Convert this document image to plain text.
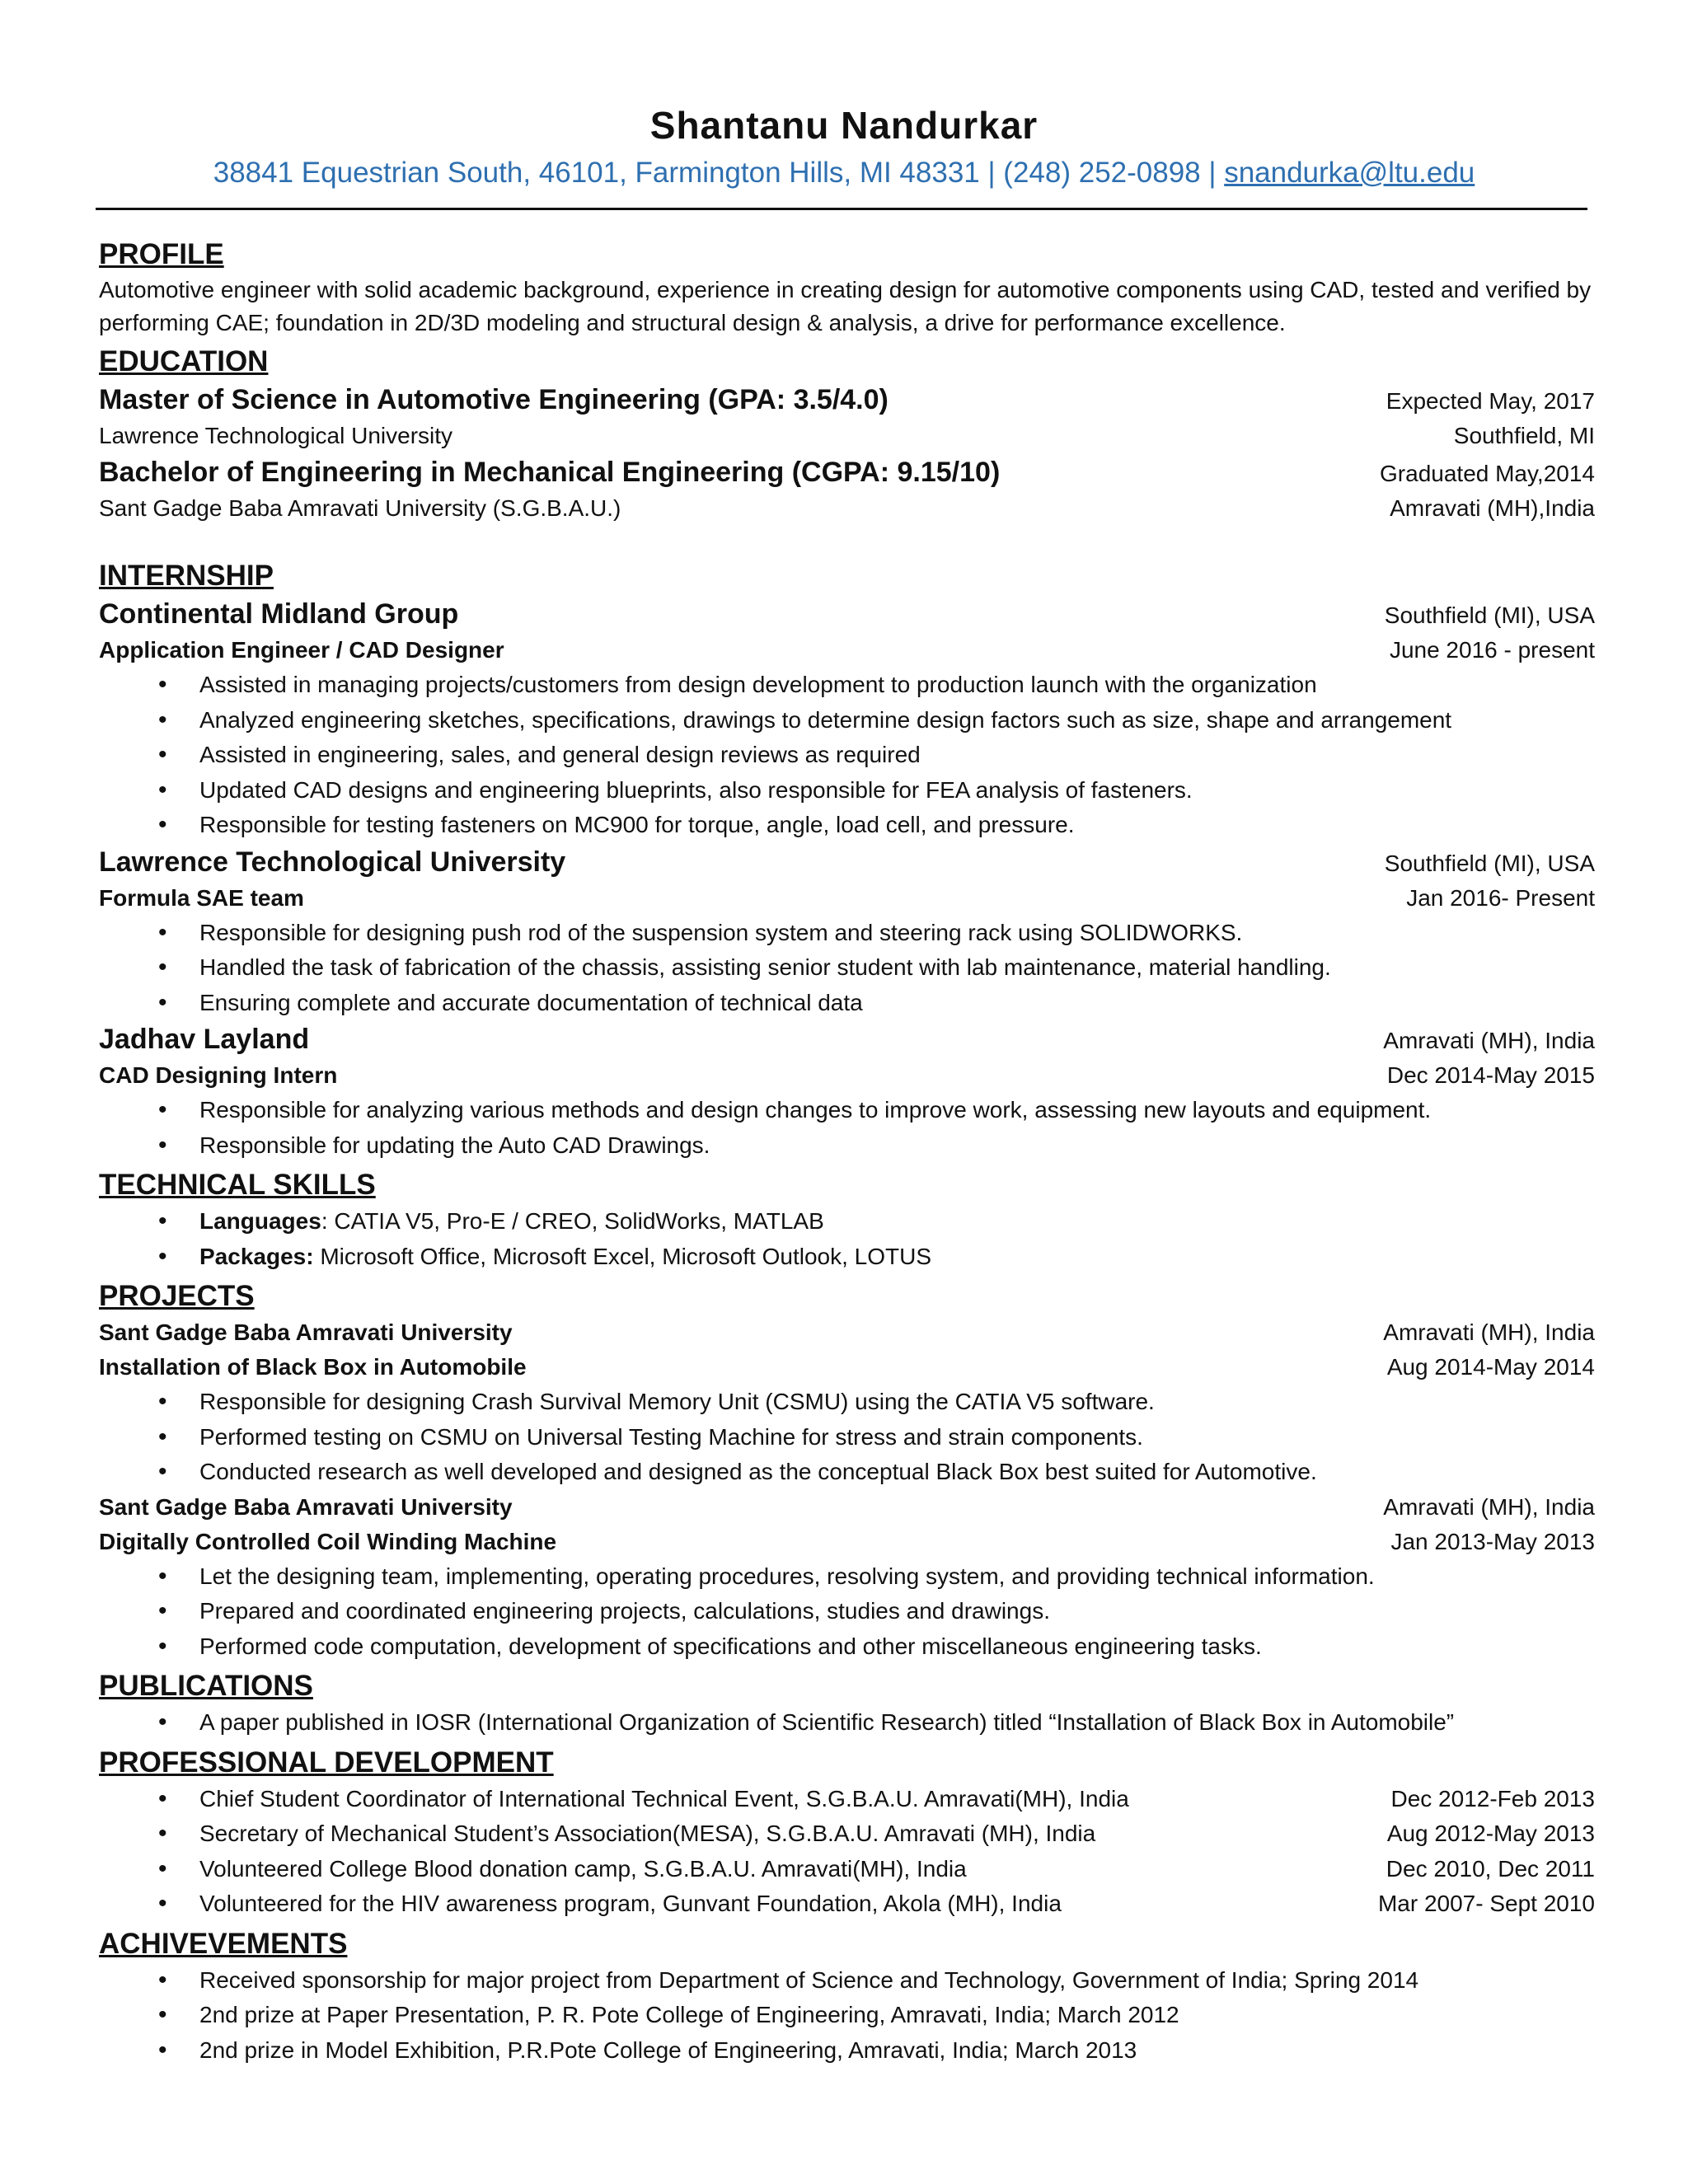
Shantanu Nandurkar
38841 Equestrian South, 46101, Farmington Hills, MI 48331 | (248) 252-0898 | snandurka@ltu.edu
PROFILE
Automotive engineer with solid academic background, experience in creating design for automotive components using CAD, tested and verified by performing CAE; foundation in 2D/3D modeling and structural design & analysis, a drive for performance excellence.
EDUCATION
Master of Science in Automotive Engineering (GPA: 3.5/4.0)	Expected May, 2017
Lawrence Technological University	Southfield, MI
Bachelor of Engineering in Mechanical Engineering (CGPA: 9.15/10)	Graduated May,2014
Sant Gadge Baba Amravati University (S.G.B.A.U.)	Amravati (MH),India
INTERNSHIP
Continental Midland Group	Southfield (MI), USA
Application Engineer / CAD Designer	June 2016 - present
• Assisted in managing projects/customers from design development to production launch with the organization
• Analyzed engineering sketches, specifications, drawings to determine design factors such as size, shape and arrangement
• Assisted in engineering, sales, and general design reviews as required
• Updated CAD designs and engineering blueprints, also responsible for FEA analysis of fasteners.
• Responsible for testing fasteners on MC900 for torque, angle, load cell, and pressure.
Lawrence Technological University	Southfield (MI), USA
Formula SAE team	Jan 2016- Present
• Responsible for designing push rod of the suspension system and steering rack using SOLIDWORKS.
• Handled the task of fabrication of the chassis, assisting senior student with lab maintenance, material handling.
• Ensuring complete and accurate documentation of technical data
Jadhav Layland	Amravati (MH), India
CAD Designing Intern	Dec 2014-May 2015
• Responsible for analyzing various methods and design changes to improve work, assessing new layouts and equipment.
• Responsible for updating the Auto CAD Drawings.
TECHNICAL SKILLS
• Languages: CATIA V5, Pro-E / CREO, SolidWorks, MATLAB
• Packages: Microsoft Office, Microsoft Excel, Microsoft Outlook, LOTUS
PROJECTS
Sant Gadge Baba Amravati University	Amravati (MH), India
Installation of Black Box in Automobile	Aug 2014-May 2014
• Responsible for designing Crash Survival Memory Unit (CSMU) using the CATIA V5 software.
• Performed testing on CSMU on Universal Testing Machine for stress and strain components.
• Conducted research as well developed and designed as the conceptual Black Box best suited for Automotive.
Sant Gadge Baba Amravati University	Amravati (MH), India
Digitally Controlled Coil Winding Machine	Jan 2013-May 2013
• Let the designing team, implementing, operating procedures, resolving system, and providing technical information.
• Prepared and coordinated engineering projects, calculations, studies and drawings.
• Performed code computation, development of specifications and other miscellaneous engineering tasks.
PUBLICATIONS
• A paper published in IOSR (International Organization of Scientific Research) titled “Installation of Black Box in Automobile”
PROFESSIONAL DEVELOPMENT
• Chief Student Coordinator of International Technical Event, S.G.B.A.U. Amravati(MH), India	Dec 2012-Feb 2013
• Secretary of Mechanical Student’s Association(MESA), S.G.B.A.U. Amravati (MH), India	Aug 2012-May 2013
• Volunteered College Blood donation camp, S.G.B.A.U. Amravati(MH), India	Dec 2010, Dec 2011
• Volunteered for the HIV awareness program, Gunvant Foundation, Akola (MH), India	Mar 2007- Sept 2010
ACHIVEVEMENTS
• Received sponsorship for major project from Department of Science and Technology, Government of India; Spring 2014
• 2nd prize at Paper Presentation, P. R. Pote College of Engineering, Amravati, India; March 2012
• 2nd prize in Model Exhibition, P.R.Pote College of Engineering, Amravati, India; March 2013
